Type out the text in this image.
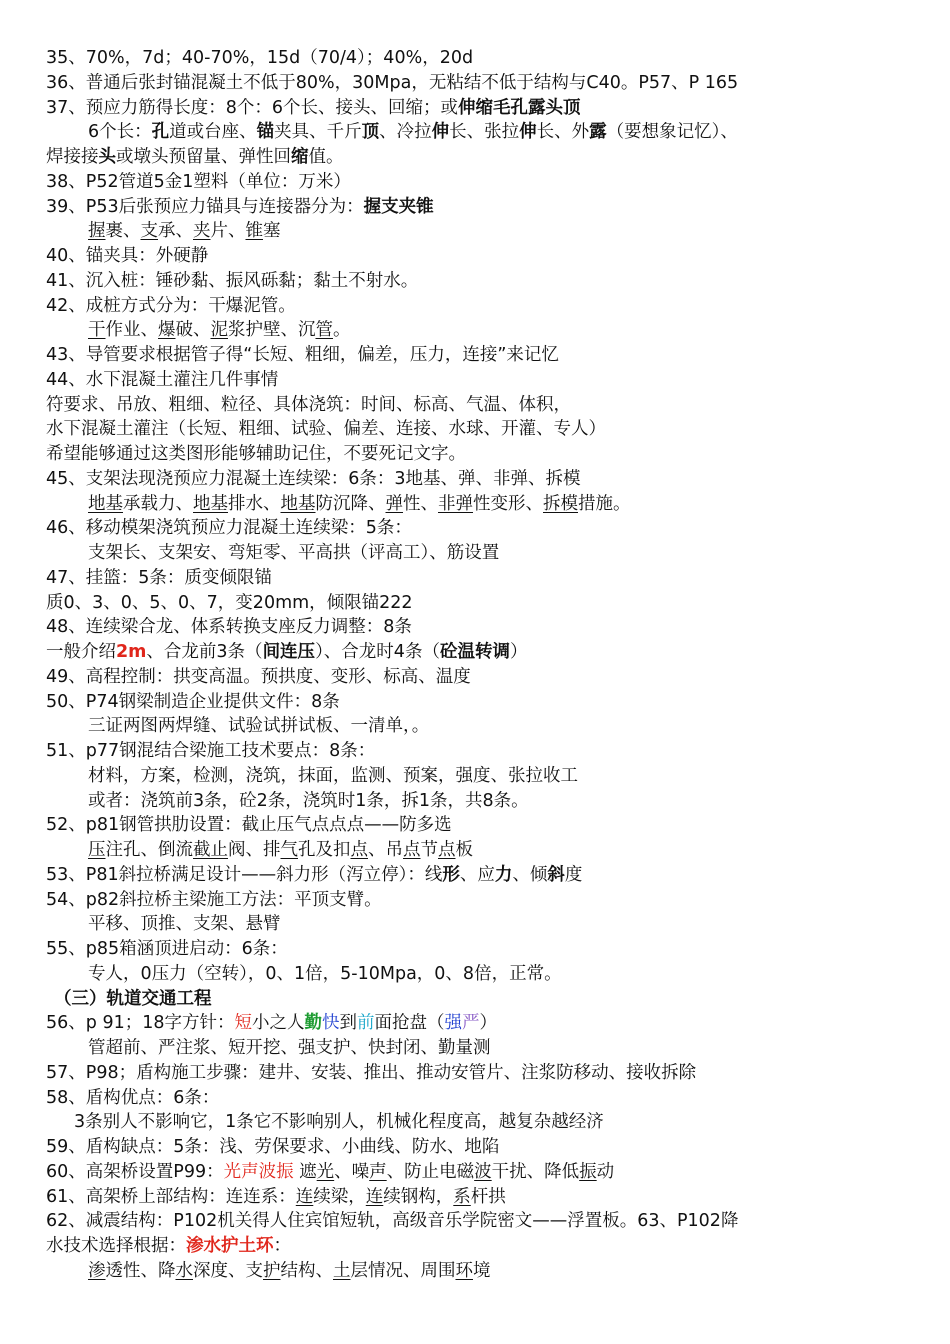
35、70%，7d；40-70%，15d（70/4）；40%，20d
36、普通后张封锚混凝土不低于80%，30Mpa，无粘结不低于结构与C40。P57、P 165
37、预应力筋得长度：8个：6个长、接头、回缩；或伸缩毛孔露头顶
6个长：孔道或台座、锚夹具、千斤顶、冷拉伸长、张拉伸长、外露（要想象记忆）、
焊接接头或墩头预留量、弹性回缩值。
38、P52管道5金1塑料（单位：万米）
39、P53后张预应力锚具与连接器分为：握支夹锥
握裹、支承、夹片、锥塞
40、锚夹具：外硬静
41、沉入桩：锤砂黏、振风砾黏；黏土不射水。
42、成桩方式分为：干爆泥管。
干作业、爆破、泥浆护壁、沉管。
43、导管要求根据管子得“长短、粗细，偏差，压力，连接”来记忆
44、水下混凝土灌注几件事情
符要求、吊放、粗细、粒径、具体浇筑：时间、标高、气温、体积，
水下混凝土灌注（长短、粗细、试验、偏差、连接、水球、开灌、专人）
希望能够通过这类图形能够辅助记住，不要死记文字。
45、支架法现浇预应力混凝土连续梁：6条：3地基、弹、非弹、拆模
地基承载力、地基排水、地基防沉降、弹性、非弹性变形、拆模措施。
46、移动模架浇筑预应力混凝土连续梁：5条：
支架长、支架安、弯矩零、平高拱（评高工）、筋设置
47、挂篮：5条：质变倾限锚
质0、3、0、5、0、7，变20mm，倾限锚222
48、连续梁合龙、体系转换支座反力调整：8条
一般介绍2m、合龙前3条（间连压）、合龙时4条（砼温转调）
49、高程控制：拱变高温。预拱度、变形、标高、温度
50、P74钢梁制造企业提供文件：8条
三证两图两焊缝、试验试拼试板、一清单，。
51、p77钢混结合梁施工技术要点：8条：
材料，方案，检测，浇筑，抹面，监测、预案，强度、张拉收工
或者：浇筑前3条，砼2条，浇筑时1条，拆1条，共8条。
52、p81钢管拱肋设置：截止压气点点点——防多选
压注孔、倒流截止阀、排气孔及扣点、吊点节点板
53、P81斜拉桥满足设计——斜力形（泻立停）：线形、应力、倾斜度
54、p82斜拉桥主梁施工方法：平顶支臂。
平移、顶推、支架、悬臂
55、p85箱涵顶进启动：6条：
专人，0压力（空转），0、1倍，5-10Mpa，0、8倍，正常。
（三）轨道交通工程
56、p 91；18字方针：短小之人勤快到前面抢盘（强严）
管超前、严注浆、短开挖、强支护、快封闭、勤量测
57、P98；盾构施工步骤：建井、安装、推出、推动安管片、注浆防移动、接收拆除
58、盾构优点：6条：
3条别人不影响它，1条它不影响别人，机械化程度高，越复杂越经济
59、盾构缺点：5条：浅、劳保要求、小曲线、防水、地陷
60、高架桥设置P99：光声波振 遮光、噪声、防止电磁波干扰、降低振动
61、高架桥上部结构：连连系：连续梁，连续钢构，系杆拱
62、减震结构：P102机关得人住宾馆短轨，高级音乐学院密文——浮置板。63、P102降
水技术选择根据：渗水护土环：
渗透性、降水深度、支护结构、土层情况、周围环境
